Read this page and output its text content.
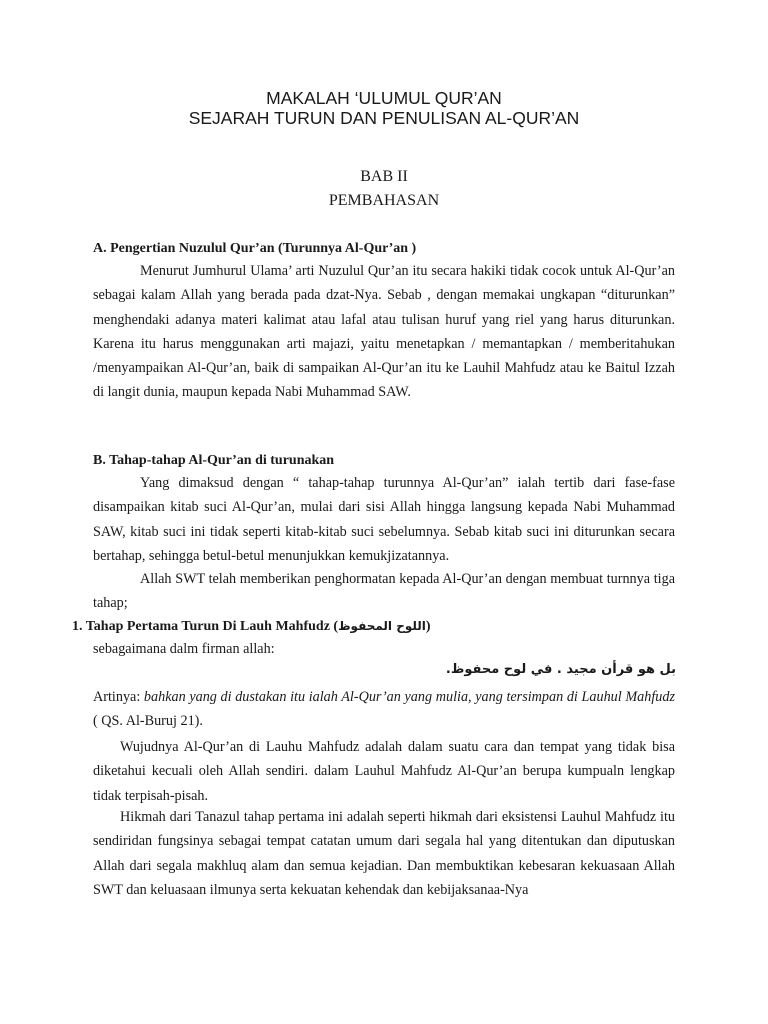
MAKALAH ‘ULUMUL QUR’AN
SEJARAH TURUN DAN PENULISAN AL-QUR’AN
BAB II
PEMBAHASAN
A. Pengertian Nuzulul Qur’an (Turunnya Al-Qur’an )

Menurut Jumhurul Ulama’ arti Nuzulul Qur’an itu secara hakiki tidak cocok untuk Al-Qur’an sebagai kalam Allah yang berada pada dzat-Nya. Sebab , dengan memakai ungkapan “diturunkan” menghendaki adanya materi kalimat atau lafal atau tulisan huruf yang riel yang harus diturunkan. Karena itu harus menggunakan arti majazi, yaitu menetapkan / memantapkan / memberitahukan /menyampaikan Al-Qur’an, baik di sampaikan Al-Qur’an itu ke Lauhil Mahfudz atau ke Baitul Izzah di langit dunia, maupun kepada Nabi Muhammad SAW.

B. Tahap-tahap Al-Qur’an di turunakan

Yang dimaksud dengan “ tahap-tahap turunnya Al-Qur’an” ialah tertib dari fase-fase disampaikan kitab suci Al-Qur’an, mulai dari sisi Allah hingga langsung kepada Nabi Muhammad SAW, kitab suci ini tidak seperti kitab-kitab suci sebelumnya. Sebab kitab suci ini diturunkan secara bertahap, sehingga betul-betul menunjukkan kemukjizatannya.

Allah SWT telah memberikan penghormatan kepada Al-Qur’an dengan membuat turnnya tiga tahap;

1. Tahap Pertama Turun Di Lauh Mahfudz (اللوح المحفوظ)
sebagaimana dalm firman allah:
بل هو قرأن مجيد . في لوح محفوظ.

Artinya: bahkan yang di dustakan itu ialah Al-Qur’an yang mulia, yang tersimpan di Lauhul Mahfudz ( QS. Al-Buruj 21).

Wujudnya Al-Qur’an di Lauhu Mahfudz adalah dalam suatu cara dan tempat yang tidak bisa diketahui kecuali oleh Allah sendiri. dalam Lauhul Mahfudz Al-Qur’an berupa kumpualn lengkap tidak terpisah-pisah.

Hikmah dari Tanazul tahap pertama ini adalah seperti hikmah dari eksistensi Lauhul Mahfudz itu sendiridan fungsinya sebagai tempat catatan umum dari segala hal yang ditentukan dan diputuskan Allah dari segala makhluq alam dan semua kejadian. Dan membuktikan kebesaran kekuasaan Allah SWT dan keluasaan ilmunya serta kekuatan kehendak dan kebijaksanaa-Nya
